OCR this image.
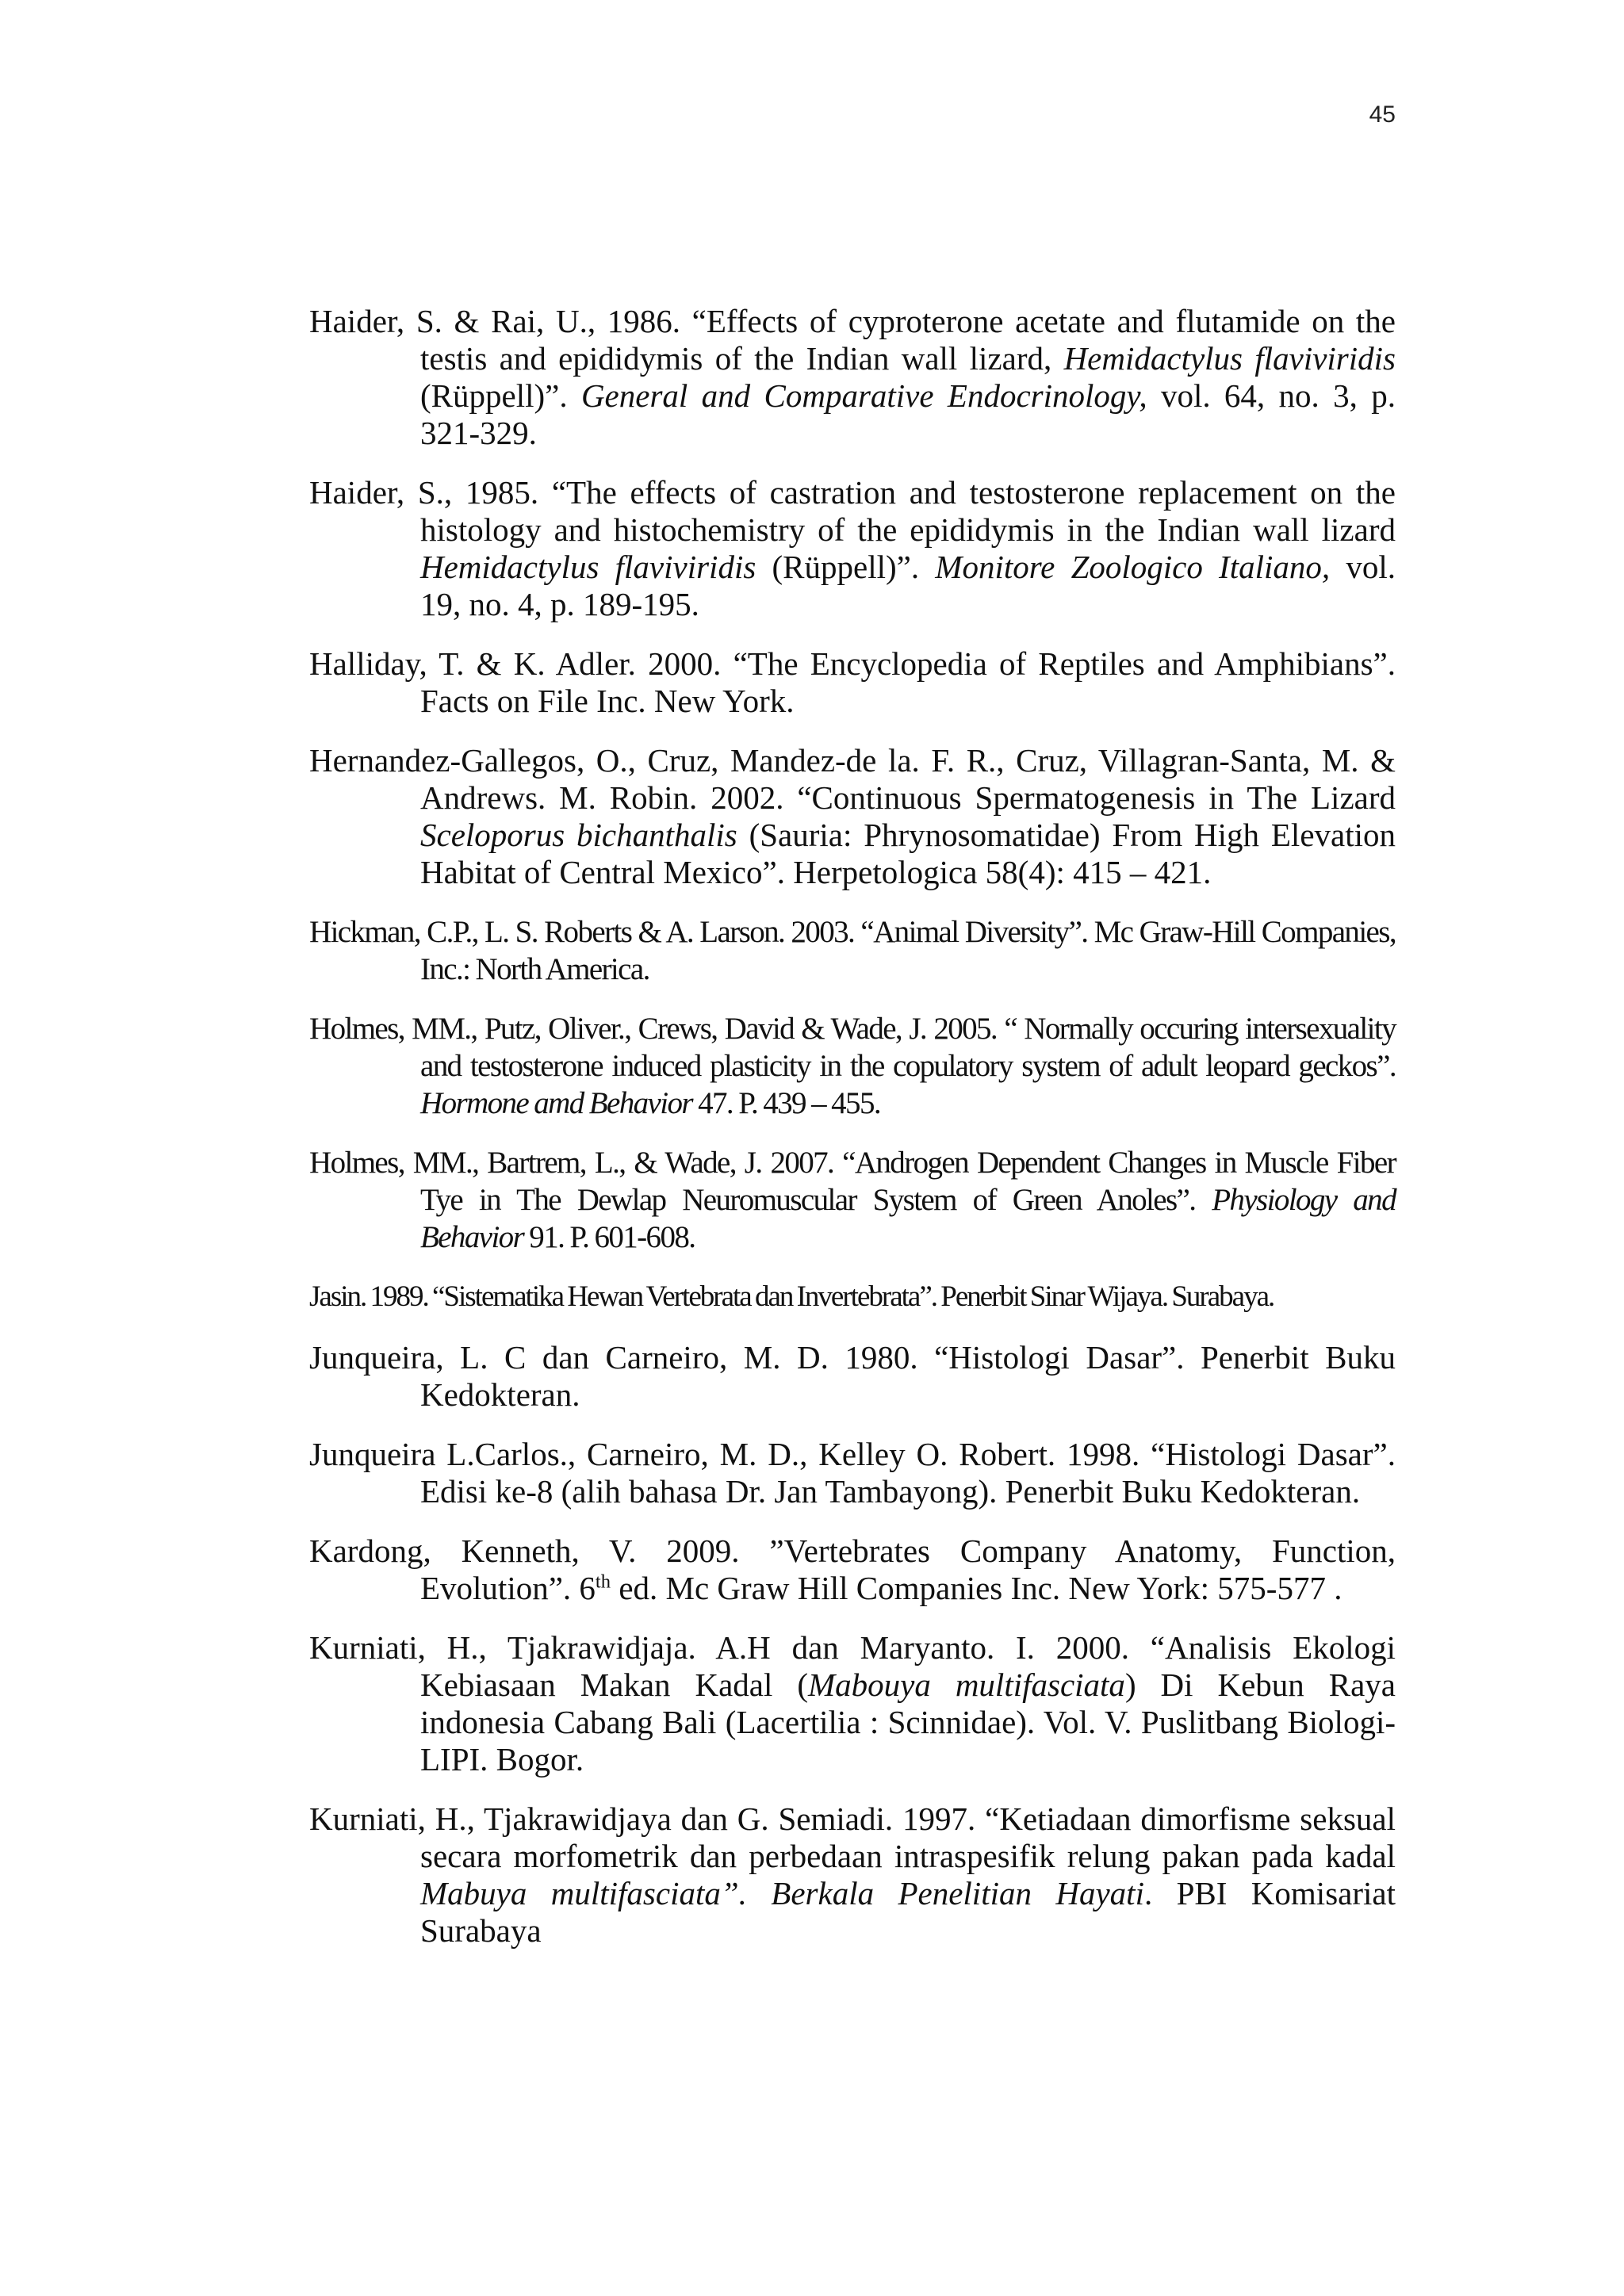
45

Haider, S. & Rai, U., 1986. “Effects of cyproterone acetate and flutamide on the testis and epididymis of the Indian wall lizard, Hemidactylus flaviviridis (Rüppell)”. General and Comparative Endocrinology, vol. 64, no. 3, p. 321-329.

Haider, S., 1985. “The effects of castration and testosterone replacement on the histology and histochemistry of the epididymis in the Indian wall lizard Hemidactylus flaviviridis (Rüppell)”. Monitore Zoologico Italiano, vol. 19, no. 4, p. 189‐195.

Halliday, T. & K. Adler. 2000. “The Encyclopedia of Reptiles and Amphibians”. Facts on File Inc. New York.

Hernandez-Gallegos, O., Cruz, Mandez-de la. F. R., Cruz, Villagran-Santa, M. & Andrews. M. Robin. 2002. “Continuous Spermatogenesis in The Lizard Sceloporus bichanthalis (Sauria: Phrynosomatidae) From High Elevation Habitat of Central Mexico”. Herpetologica 58(4): 415 – 421.

Hickman, C.P., L. S. Roberts & A. Larson. 2003. “Animal Diversity”. Mc Graw-Hill Companies, Inc.: North America.

Holmes, MM., Putz, Oliver., Crews, David & Wade, J. 2005. “ Normally occuring intersexuality and testosterone induced plasticity in the copulatory system of adult leopard geckos”. Hormone amd Behavior 47. P. 439 – 455.

Holmes, MM., Bartrem, L., & Wade, J. 2007. “Androgen Dependent Changes in Muscle Fiber Tye in The Dewlap Neuromuscular System of Green Anoles”. Physiology and Behavior 91. P. 601-608.

Jasin. 1989. “Sistematika Hewan Vertebrata dan Invertebrata”. Penerbit Sinar Wijaya. Surabaya.

Junqueira, L. C dan Carneiro, M. D. 1980. “Histologi Dasar”. Penerbit Buku Kedokteran.

Junqueira L.Carlos., Carneiro, M. D., Kelley O. Robert. 1998. “Histologi Dasar”. Edisi ke-8 (alih bahasa Dr. Jan Tambayong). Penerbit Buku Kedokteran.

Kardong, Kenneth, V. 2009. ”Vertebrates Company Anatomy, Function, Evolution”. 6th ed. Mc Graw Hill Companies Inc. New York: 575-577 .

Kurniati, H., Tjakrawidjaja. A.H dan Maryanto. I. 2000. “Analisis Ekologi Kebiasaan Makan Kadal (Mabouya multifasciata) Di Kebun Raya indonesia Cabang Bali (Lacertilia : Scinnidae). Vol. V. Puslitbang Biologi- LIPI. Bogor.

Kurniati, H., Tjakrawidjaya dan G. Semiadi. 1997. “Ketiadaan dimorfisme seksual secara morfometrik dan perbedaan intraspesifik relung pakan pada kadal Mabuya multifasciata”. Berkala Penelitian Hayati. PBI Komisariat Surabaya
